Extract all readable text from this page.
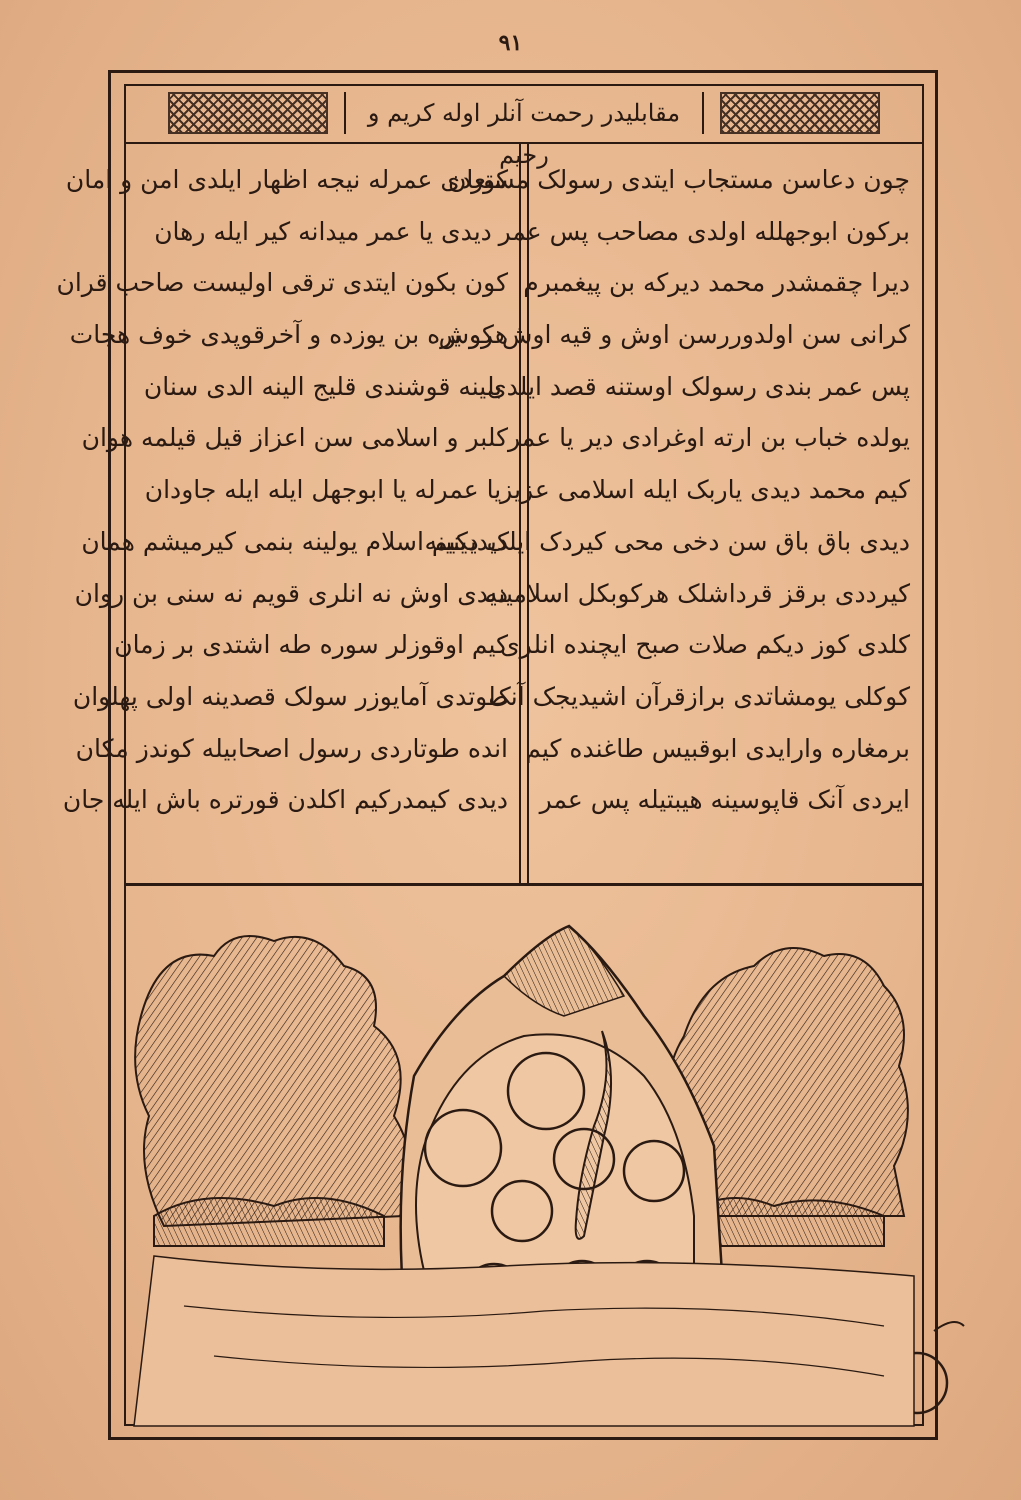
٩١
مقابلیدر رحمت آنلر اوله کریم و رحیم
چون دعاسن مستجاب ایتدی رسولک مستعان
برکون ابوجهلله اولدی مصاحب پس عمر
دیرا چقمشدر محمد دیرکه بن پیغمبرم
کرانی سن اولدوررسن اوش و قیه اوش کوش
پس عمر بندی رسولک اوستنه قصد ایلدی
یولده خباب بن ارته اوغرادی دیر یا عمر
کیم محمد دیدی یاربک ایله اسلامی عزیز
دیدی باق باق سن دخی محی کیردک ایلک دینینه
کیرددی برقز قرداشلک هرکوبکل اسلامینه
کلدی کوز دیکم صلات صبح ایچنده انلری
کوکلی یومشاتدی برازقرآن اشیدیجک آنک
برمغاره وارایدی ابوقبیس طاغنده کیم
ایردی آنک قاپوسینه هیبتیله پس عمر
کوردی عمرله نیجه اظهار ایلدی امن و امان
دیدی یا عمر میدانه کیر ایله رهان
کون بکون ایتدی ترقی اولیست صاحب قران
هرو یره بن یوزده و آخرقوپدی خوف هجات
بلینه قوشندی قلیج الینه الدی سنان
کلبر و اسلامی سن اعزاز قیل قیلمه هوان
یا عمرله یا ابوجهل ایله ایله جاودان
دیدیکیم اسلام یولینه بنمی کیرمیشم همان
دیدی اوش نه انلری قویم نه سنی بن روان
کیم اوقوزلر سوره طه اشتدی بر زمان
طوتدی آمایوزر سولک قصدینه اولی پهلوان
انده طوتاردی رسول اصحابیله کوندز مکان
دیدی کیمدرکیم اکلدن قورتره باش ایله جان
